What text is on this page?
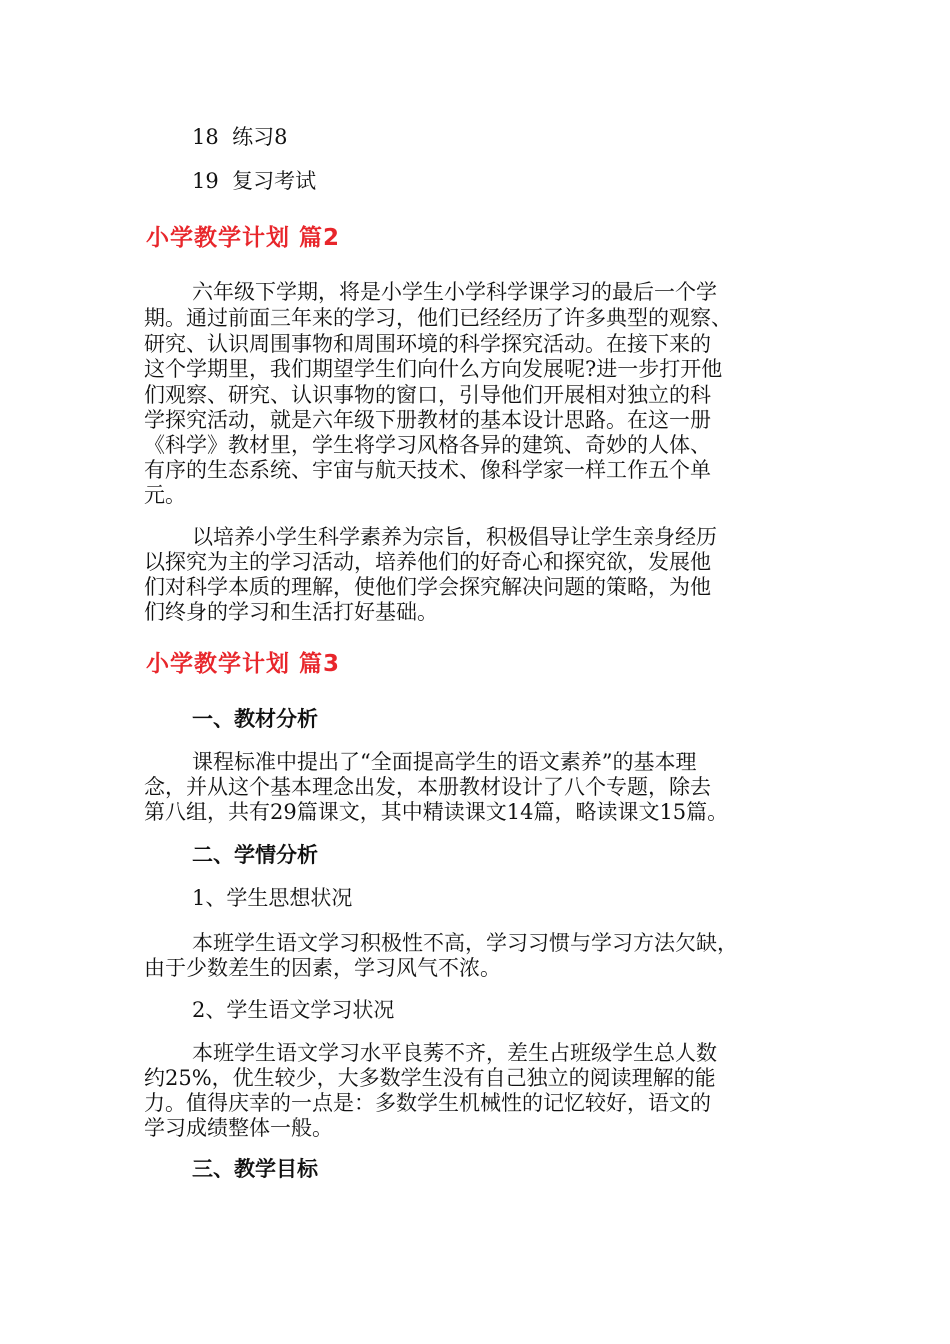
18 练习8
19 复习考试
小学教学计划 篇2
六年级下学期，将是小学生小学科学课学习的最后一个学
期。通过前面三年来的学习，他们已经经历了许多典型的观察、
研究、认识周围事物和周围环境的科学探究活动。在接下来的
这个学期里，我们期望学生们向什么方向发展呢?进一步打开他
们观察、研究、认识事物的窗口，引导他们开展相对独立的科
学探究活动，就是六年级下册教材的基本设计思路。在这一册
《科学》教材里，学生将学习风格各异的建筑、奇妙的人体、
有序的生态系统、宇宙与航天技术、像科学家一样工作五个单
元。
以培养小学生科学素养为宗旨，积极倡导让学生亲身经历
以探究为主的学习活动，培养他们的好奇心和探究欲，发展他
们对科学本质的理解，使他们学会探究解决问题的策略，为他
们终身的学习和生活打好基础。
小学教学计划 篇3
一、教材分析
课程标准中提出了“全面提高学生的语文素养”的基本理
念，并从这个基本理念出发，本册教材设计了八个专题，除去
第八组，共有29篇课文，其中精读课文14篇，略读课文15篇。
二、学情分析
1、学生思想状况
本班学生语文学习积极性不高，学习习惯与学习方法欠缺，
由于少数差生的因素，学习风气不浓。
2、学生语文学习状况
本班学生语文学习水平良莠不齐，差生占班级学生总人数
约25%，优生较少，大多数学生没有自己独立的阅读理解的能
力。值得庆幸的一点是：多数学生机械性的记忆较好，语文的
学习成绩整体一般。
三、教学目标
